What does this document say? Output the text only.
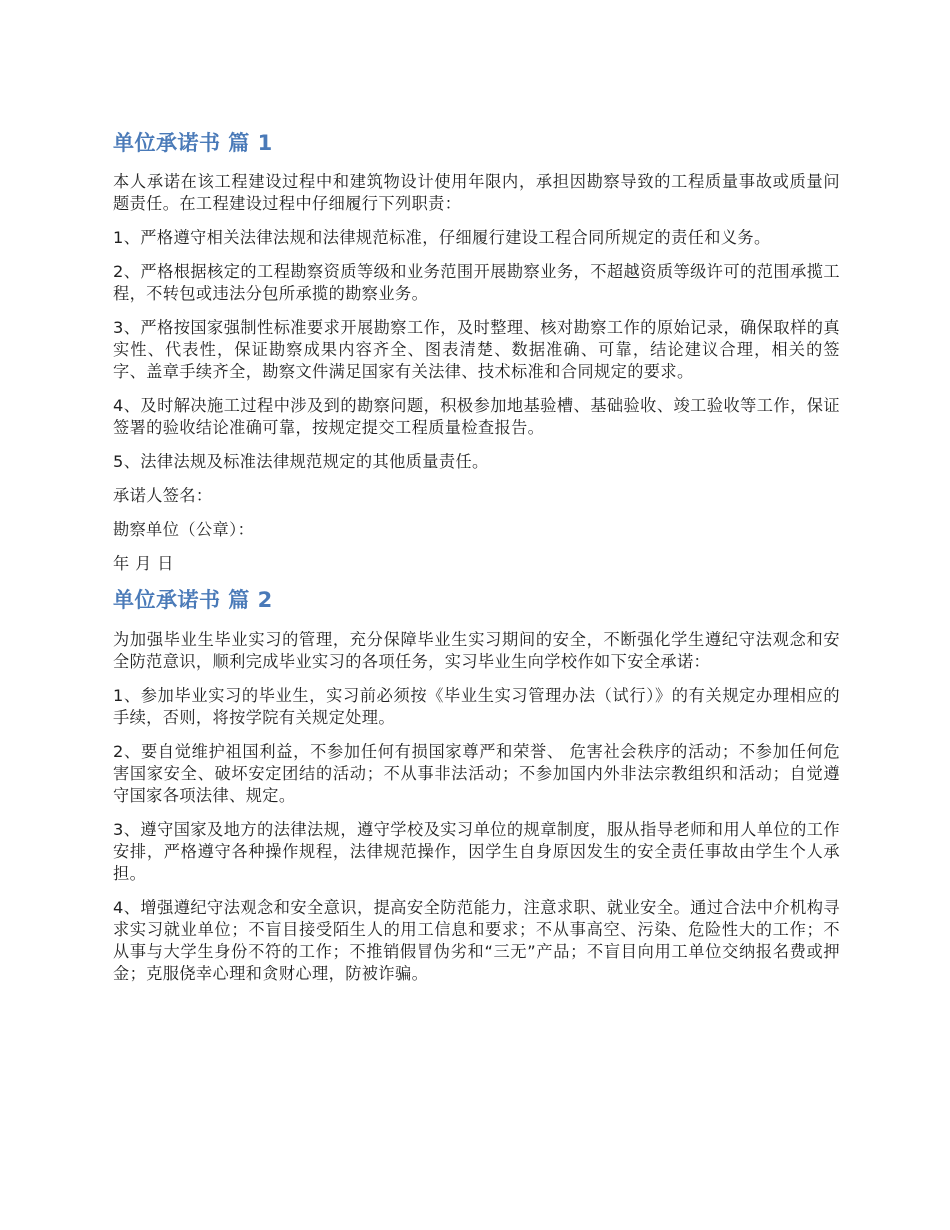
单位承诺书 篇 1

本人承诺在该工程建设过程中和建筑物设计使用年限内，承担因勘察导致的工程质量事故或质量问题责任。在工程建设过程中仔细履行下列职责：

1、严格遵守相关法律法规和法律规范标准，仔细履行建设工程合同所规定的责任和义务。

2、严格根据核定的工程勘察资质等级和业务范围开展勘察业务，不超越资质等级许可的范围承揽工程，不转包或违法分包所承揽的勘察业务。

3、严格按国家强制性标准要求开展勘察工作，及时整理、核对勘察工作的原始记录，确保取样的真实性、代表性，保证勘察成果内容齐全、图表清楚、数据准确、可靠，结论建议合理，相关的签字、盖章手续齐全，勘察文件满足国家有关法律、技术标准和合同规定的要求。

4、及时解决施工过程中涉及到的勘察问题，积极参加地基验槽、基础验收、竣工验收等工作，保证签署的验收结论准确可靠，按规定提交工程质量检查报告。

5、法律法规及标准法律规范规定的其他质量责任。

承诺人签名：

勘察单位（公章）：

年 月 日

单位承诺书 篇 2

为加强毕业生毕业实习的管理，充分保障毕业生实习期间的安全，不断强化学生遵纪守法观念和安全防范意识，顺利完成毕业实习的各项任务，实习毕业生向学校作如下安全承诺：

1、参加毕业实习的毕业生，实习前必须按《毕业生实习管理办法（试行）》的有关规定办理相应的手续，否则，将按学院有关规定处理。

2、要自觉维护祖国利益，不参加任何有损国家尊严和荣誉、 危害社会秩序的活动；不参加任何危害国家安全、破坏安定团结的活动；不从事非法活动；不参加国内外非法宗教组织和活动；自觉遵守国家各项法律、规定。

3、遵守国家及地方的法律法规，遵守学校及实习单位的规章制度，服从指导老师和用人单位的工作安排，严格遵守各种操作规程，法律规范操作，因学生自身原因发生的安全责任事故由学生个人承担。

4、增强遵纪守法观念和安全意识，提高安全防范能力，注意求职、就业安全。通过合法中介机构寻求实习就业单位；不盲目接受陌生人的用工信息和要求；不从事高空、污染、危险性大的工作；不从事与大学生身份不符的工作；不推销假冒伪劣和“三无”产品；不盲目向用工单位交纳报名费或押金；克服侥幸心理和贪财心理，防被诈骗。
